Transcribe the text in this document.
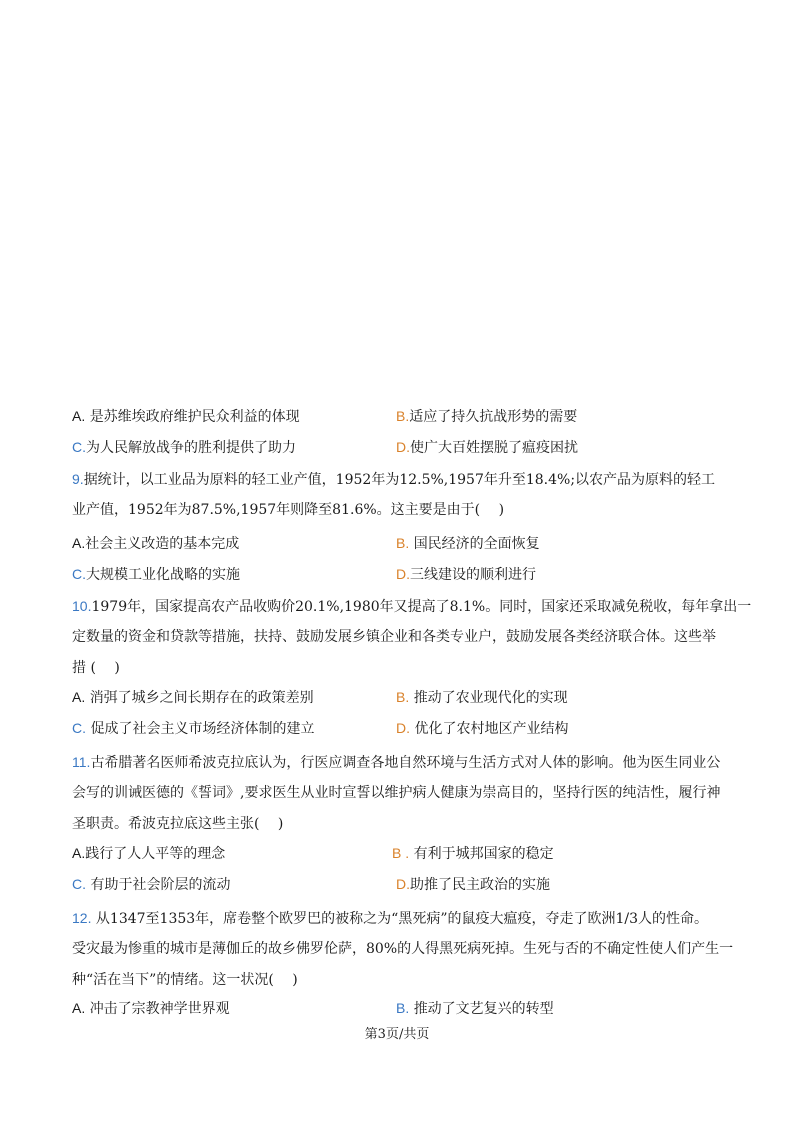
A. 是苏维埃政府维护民众利益的体现	B.适应了持久抗战形势的需要
C.为人民解放战争的胜利提供了助力	D.使广大百姓摆脱了瘟疫困扰
9.据统计，以工业品为原料的轻工业产值，1952年为12.5%,1957年升至18.4%;以农产品为原料的轻工
业产值，1952年为87.5%,1957年则降至81.6%。这主要是由于(　 )
A.社会主义改造的基本完成	B. 国民经济的全面恢复
C.大规模工业化战略的实施	D.三线建设的顺利进行
10.1979年，国家提高农产品收购价20.1%,1980年又提高了8.1%。同时，国家还采取减免税收，每年拿出一
定数量的资金和贷款等措施，扶持、鼓励发展乡镇企业和各类专业户，鼓励发展各类经济联合体。这些举
措 (　 )
A. 消弭了城乡之间长期存在的政策差别	B. 推动了农业现代化的实现
C. 促成了社会主义市场经济体制的建立	D. 优化了农村地区产业结构
11.古希腊著名医师希波克拉底认为，行医应调查各地自然环境与生活方式对人体的影响。他为医生同业公
会写的训诫医德的《誓词》,要求医生从业时宣誓以维护病人健康为崇高目的，坚持行医的纯洁性，履行神
圣职责。希波克拉底这些主张(　 )
A.践行了人人平等的理念	B . 有利于城邦国家的稳定
C. 有助于社会阶层的流动	D.助推了民主政治的实施
12. 从1347至1353年，席卷整个欧罗巴的被称之为“黑死病”的鼠疫大瘟疫，夺走了欧洲1/3人的性命。
受灾最为惨重的城市是薄伽丘的故乡佛罗伦萨，80%的人得黑死病死掉。生死与否的不确定性使人们产生一
种“活在当下”的情绪。这一状况(　 )
A. 冲击了宗教神学世界观	B. 推动了文艺复兴的转型
第3页/共页
